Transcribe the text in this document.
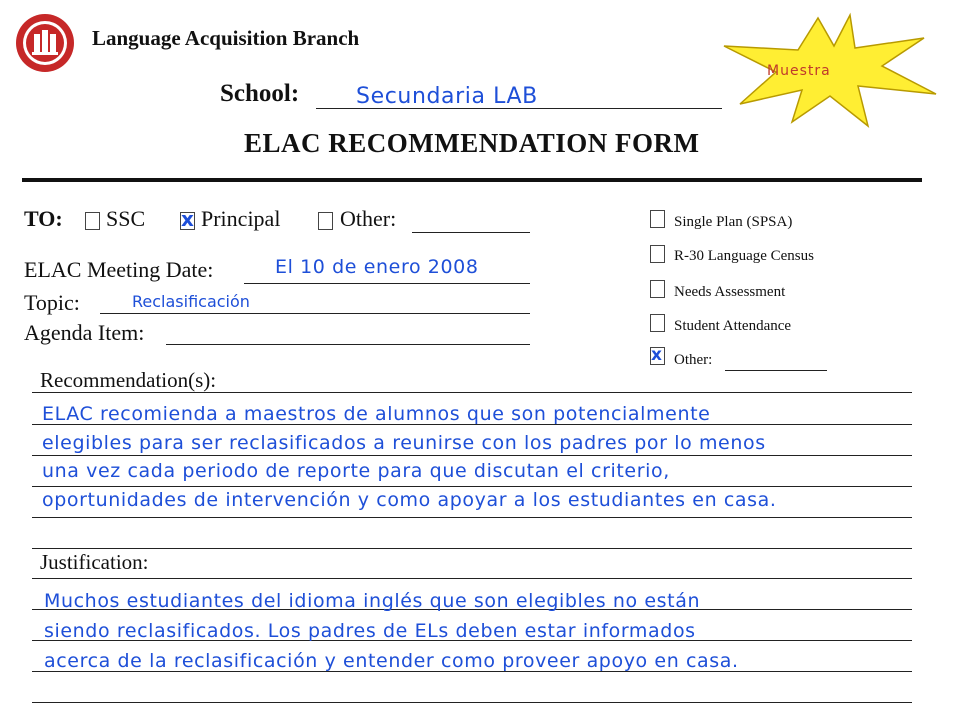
Language Acquisition Branch
Muestra
School:	Secundaria LAB
ELAC RECOMMENDATION FORM
TO: SSC	Principal
x	Other:
ELAC Meeting Date:	El 10 de enero 2008
Topic:	Reclasificación
Agenda Item:
Single Plan (SPSA)
R-30 Language Census
Needs Assessment
Student Attendance
x Other:
Recommendation(s):
ELAC recomienda a maestros de alumnos que son potencialmente
elegibles para ser reclasificados a reunirse con los padres por lo menos
una vez cada periodo de reporte para que discutan el criterio,
oportunidades de intervención y como apoyar a los estudiantes en casa.
Justification:
Muchos estudiantes del idioma inglés que son elegibles no están
siendo reclasificados. Los padres de ELs deben estar informados
acerca de la reclasificación y entender como proveer apoyo en casa.
